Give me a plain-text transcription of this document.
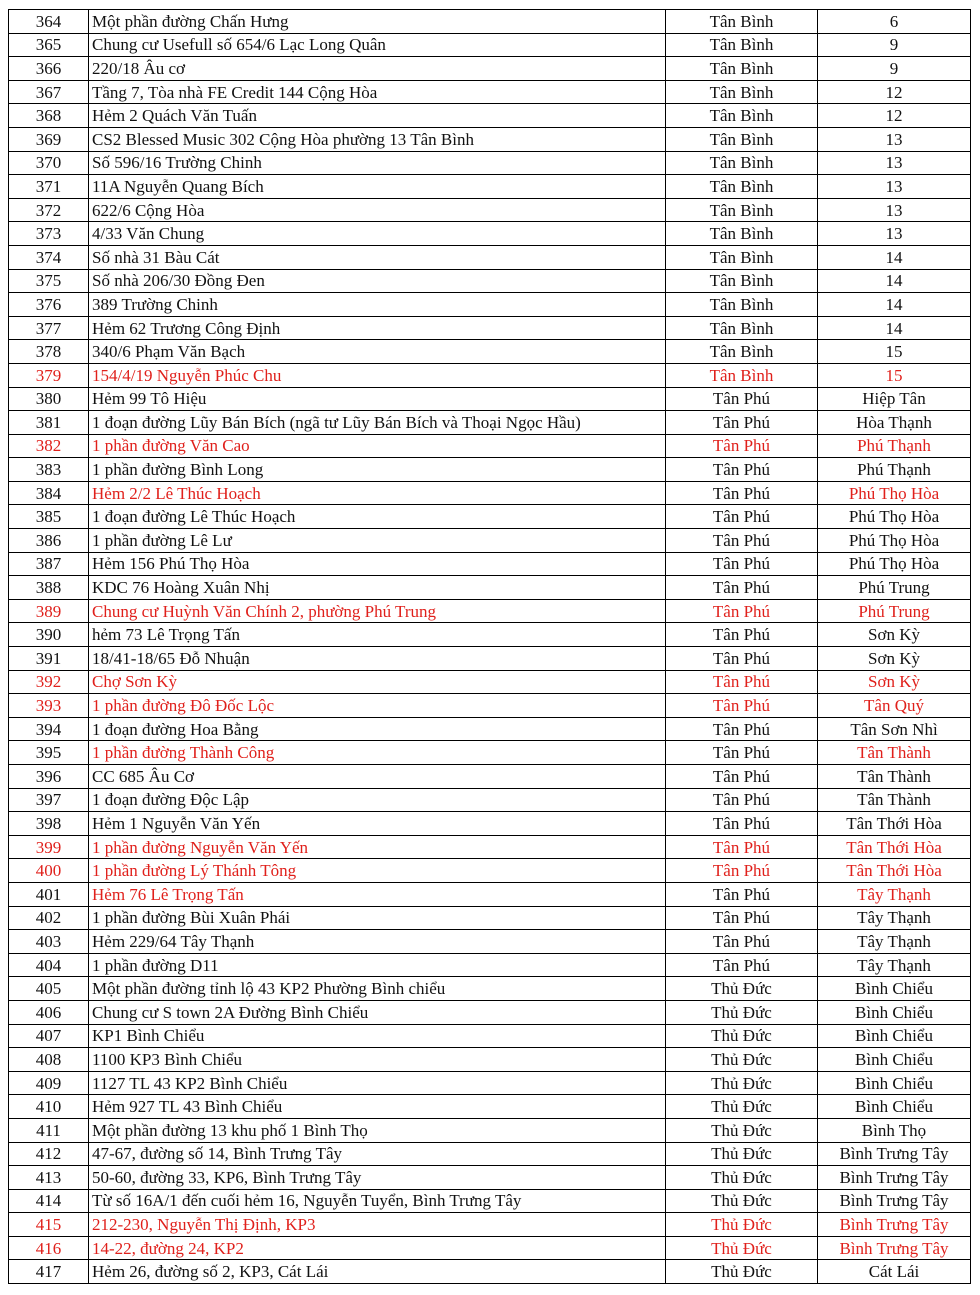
364	Một phần đường Chấn Hưng	Tân Bình	6
365	Chung cư Usefull số 654/6 Lạc Long Quân	Tân Bình	9
366	220/18 Âu cơ	Tân Bình	9
367	Tầng 7, Tòa nhà FE Credit 144 Cộng Hòa	Tân Bình	12
368	Hẻm 2 Quách Văn Tuấn	Tân Bình	12
369	CS2 Blessed Music 302 Cộng Hòa phường 13 Tân Bình	Tân Bình	13
370	Số 596/16 Trường Chinh	Tân Bình	13
371	11A Nguyễn Quang Bích	Tân Bình	13
372	622/6 Cộng Hòa	Tân Bình	13
373	4/33 Văn Chung	Tân Bình	13
374	Số nhà 31 Bàu Cát	Tân Bình	14
375	Số nhà 206/30 Đồng Đen	Tân Bình	14
376	389 Trường Chinh	Tân Bình	14
377	Hẻm 62 Trương Công Định	Tân Bình	14
378	340/6 Phạm Văn Bạch	Tân Bình	15
379	154/4/19 Nguyễn Phúc Chu	Tân Bình	15
380	Hẻm 99 Tô Hiệu	Tân Phú	Hiệp Tân
381	1 đoạn đường Lũy Bán Bích (ngã tư Lũy Bán Bích và Thoại Ngọc Hầu)	Tân Phú	Hòa Thạnh
382	1 phần đường Văn Cao	Tân Phú	Phú Thạnh
383	1 phần đường Bình Long	Tân Phú	Phú Thạnh
384	Hẻm 2/2 Lê Thúc Hoạch	Tân Phú	Phú Thọ Hòa
385	1 đoạn đường Lê Thúc Hoạch	Tân Phú	Phú Thọ Hòa
386	1 phần đường Lê Lư	Tân Phú	Phú Thọ Hòa
387	Hẻm 156 Phú Thọ Hòa	Tân Phú	Phú Thọ Hòa
388	KDC 76 Hoàng Xuân Nhị	Tân Phú	Phú Trung
389	Chung cư Huỳnh Văn Chính 2, phường Phú Trung	Tân Phú	Phú Trung
390	hẻm 73 Lê Trọng Tấn	Tân Phú	Sơn Kỳ
391	18/41-18/65 Đỗ Nhuận	Tân Phú	Sơn Kỳ
392	Chợ Sơn Kỳ	Tân Phú	Sơn Kỳ
393	1 phần đường Đô Đốc Lộc	Tân Phú	Tân Quý
394	1 đoạn đường Hoa Bằng	Tân Phú	Tân Sơn Nhì
395	1 phần đường Thành Công	Tân Phú	Tân Thành
396	CC 685 Âu Cơ	Tân Phú	Tân Thành
397	1 đoạn đường Độc Lập	Tân Phú	Tân Thành
398	Hẻm 1 Nguyễn Văn Yến	Tân Phú	Tân Thới Hòa
399	1 phần đường Nguyễn Văn Yến	Tân Phú	Tân Thới Hòa
400	1 phần đường Lý Thánh Tông	Tân Phú	Tân Thới Hòa
401	Hẻm 76 Lê Trọng Tấn	Tân Phú	Tây Thạnh
402	1 phần đường Bùi Xuân Phái	Tân Phú	Tây Thạnh
403	Hẻm 229/64 Tây Thạnh	Tân Phú	Tây Thạnh
404	1 phần đường D11	Tân Phú	Tây Thạnh
405	Một phần đường tỉnh lộ 43 KP2 Phường Bình chiểu	Thủ Đức	Bình Chiểu
406	Chung cư S town 2A Đường Bình Chiểu	Thủ Đức	Bình Chiểu
407	KP1 Bình Chiểu	Thủ Đức	Bình Chiểu
408	1100 KP3 Bình Chiểu	Thủ Đức	Bình Chiểu
409	1127 TL 43 KP2 Bình Chiểu	Thủ Đức	Bình Chiểu
410	Hẻm 927 TL 43 Bình Chiểu	Thủ Đức	Bình Chiểu
411	Một phần đường 13 khu phố 1 Bình Thọ	Thủ Đức	Bình Thọ
412	47-67, đường số 14, Bình Trưng Tây	Thủ Đức	Bình Trưng Tây
413	50-60, đường 33, KP6, Bình Trưng Tây	Thủ Đức	Bình Trưng Tây
414	Từ số 16A/1 đến cuối hẻm 16, Nguyễn Tuyển, Bình Trưng Tây	Thủ Đức	Bình Trưng Tây
415	212-230, Nguyễn Thị Định, KP3	Thủ Đức	Bình Trưng Tây
416	14-22, đường 24, KP2	Thủ Đức	Bình Trưng Tây
417	Hẻm 26, đường số 2, KP3, Cát Lái	Thủ Đức	Cát Lái
